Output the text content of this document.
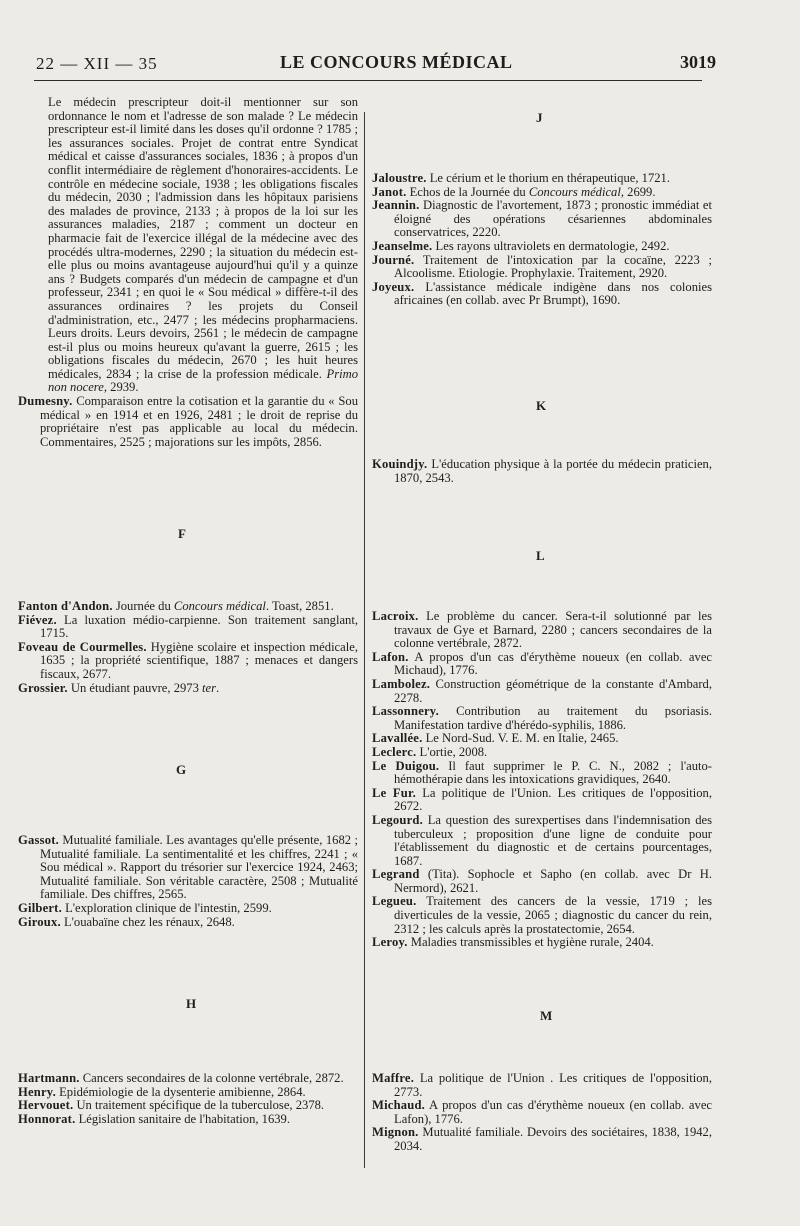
22 — XII — 35	LE CONCOURS MÉDICAL	3019

Le médecin prescripteur doit-il mentionner sur son ordonnance le nom et l'adresse de son malade ? Le médecin prescripteur est-il limité dans les doses qu'il ordonne ? 1785 ; les assurances sociales. Projet de contrat entre Syndicat médical et caisse d'assurances sociales, 1836 ; à propos d'un conflit intermédiaire de règlement d'honoraires-accidents. Le contrôle en médecine sociale, 1938 ; les obligations fiscales du médecin, 2030 ; l'admission dans les hôpitaux parisiens des malades de province, 2133 ; à propos de la loi sur les assurances maladies, 2187 ; comment un docteur en pharmacie fait de l'exercice illégal de la médecine avec des procédés ultra-modernes, 2290 ; la situation du médecin est-elle plus ou moins avantageuse aujourd'hui qu'il y a quinze ans ? Budgets comparés d'un médecin de campagne et d'un professeur, 2341 ; en quoi le « Sou médical » diffère-t-il des assurances ordinaires ? les projets du Conseil d'administration, etc., 2477 ; les médecins propharmaciens. Leurs droits. Leurs devoirs, 2561 ; le médecin de campagne est-il plus ou moins heureux qu'avant la guerre, 2615 ; les obligations fiscales du médecin, 2670 ; les huit heures médicales, 2834 ; la crise de la profession médicale. Primo non nocere, 2939.

Dumesny. Comparaison entre la cotisation et la garantie du « Sou médical » en 1914 et en 1926, 2481 ; le droit de reprise du propriétaire n'est pas applicable au local du médecin. Commentaires, 2525 ; majorations sur les impôts, 2856.

F

Fanton d'Andon. Journée du Concours médical. Toast, 2851.

Fiévez. La luxation médio-carpienne. Son traitement sanglant, 1715.

Foveau de Courmelles. Hygiène scolaire et inspection médicale, 1635 ; la propriété scientifique, 1887 ; menaces et dangers fiscaux, 2677.

Grossier. Un étudiant pauvre, 2973 ter.

G

Gassot. Mutualité familiale. Les avantages qu'elle présente, 1682 ; Mutualité familiale. La sentimentalité et les chiffres, 2241 ; « Sou médical ». Rapport du trésorier sur l'exercice 1924, 2463; Mutualité familiale. Son véritable caractère, 2508 ; Mutualité familiale. Des chiffres, 2565.

Gilbert. L'exploration clinique de l'intestin, 2599.

Giroux. L'ouabaïne chez les rénaux, 2648.

H

Hartmann. Cancers secondaires de la colonne vertébrale, 2872.

Henry. Epidémiologie de la dysenterie amibienne, 2864.

Hervouet. Un traitement spécifique de la tuberculose, 2378.

Honnorat. Législation sanitaire de l'habitation, 1639.

J

Jaloustre. Le cérium et le thorium en thérapeutique, 1721.

Janot. Echos de la Journée du Concours médical, 2699.

Jeannin. Diagnostic de l'avortement, 1873 ; pronostic immédiat et éloigné des opérations césariennes abdominales conservatrices, 2220.

Jeanselme. Les rayons ultraviolets en dermatologie, 2492.

Journé. Traitement de l'intoxication par la cocaïne, 2223 ; Alcoolisme. Etiologie. Prophylaxie. Traitement, 2920.

Joyeux. L'assistance médicale indigène dans nos colonies africaines (en collab. avec Pr Brumpt), 1690.

K

Kouindjy. L'éducation physique à la portée du médecin praticien, 1870, 2543.

L

Lacroix. Le problème du cancer. Sera-t-il solutionné par les travaux de Gye et Barnard, 2280 ; cancers secondaires de la colonne vertébrale, 2872.

Lafon. A propos d'un cas d'érythème noueux (en collab. avec Michaud), 1776.

Lambolez. Construction géométrique de la constante d'Ambard, 2278.

Lassonnery. Contribution au traitement du psoriasis. Manifestation tardive d'hérédo-syphilis, 1886.

Lavallée. Le Nord-Sud. V. E. M. en Italie, 2465.

Leclerc. L'ortie, 2008.

Le Duigou. Il faut supprimer le P. C. N., 2082 ; l'auto-hémothérapie dans les intoxications gravidiques, 2640.

Le Fur. La politique de l'Union. Les critiques de l'opposition, 2672.

Legourd. La question des surexpertises dans l'indemnisation des tuberculeux ; proposition d'une ligne de conduite pour l'établissement du diagnostic et de certains pourcentages, 1687.

Legrand (Tita). Sophocle et Sapho (en collab. avec Dr H. Nermord), 2621.

Legueu. Traitement des cancers de la vessie, 1719 ; les diverticules de la vessie, 2065 ; diagnostic du cancer du rein, 2312 ; les calculs après la prostatectomie, 2654.

Leroy. Maladies transmissibles et hygiène rurale, 2404.

M

Maffre. La politique de l'Union . Les critiques de l'opposition, 2773.

Michaud. A propos d'un cas d'érythème noueux (en collab. avec Lafon), 1776.

Mignon. Mutualité familiale. Devoirs des sociétaires, 1838, 1942, 2034.
